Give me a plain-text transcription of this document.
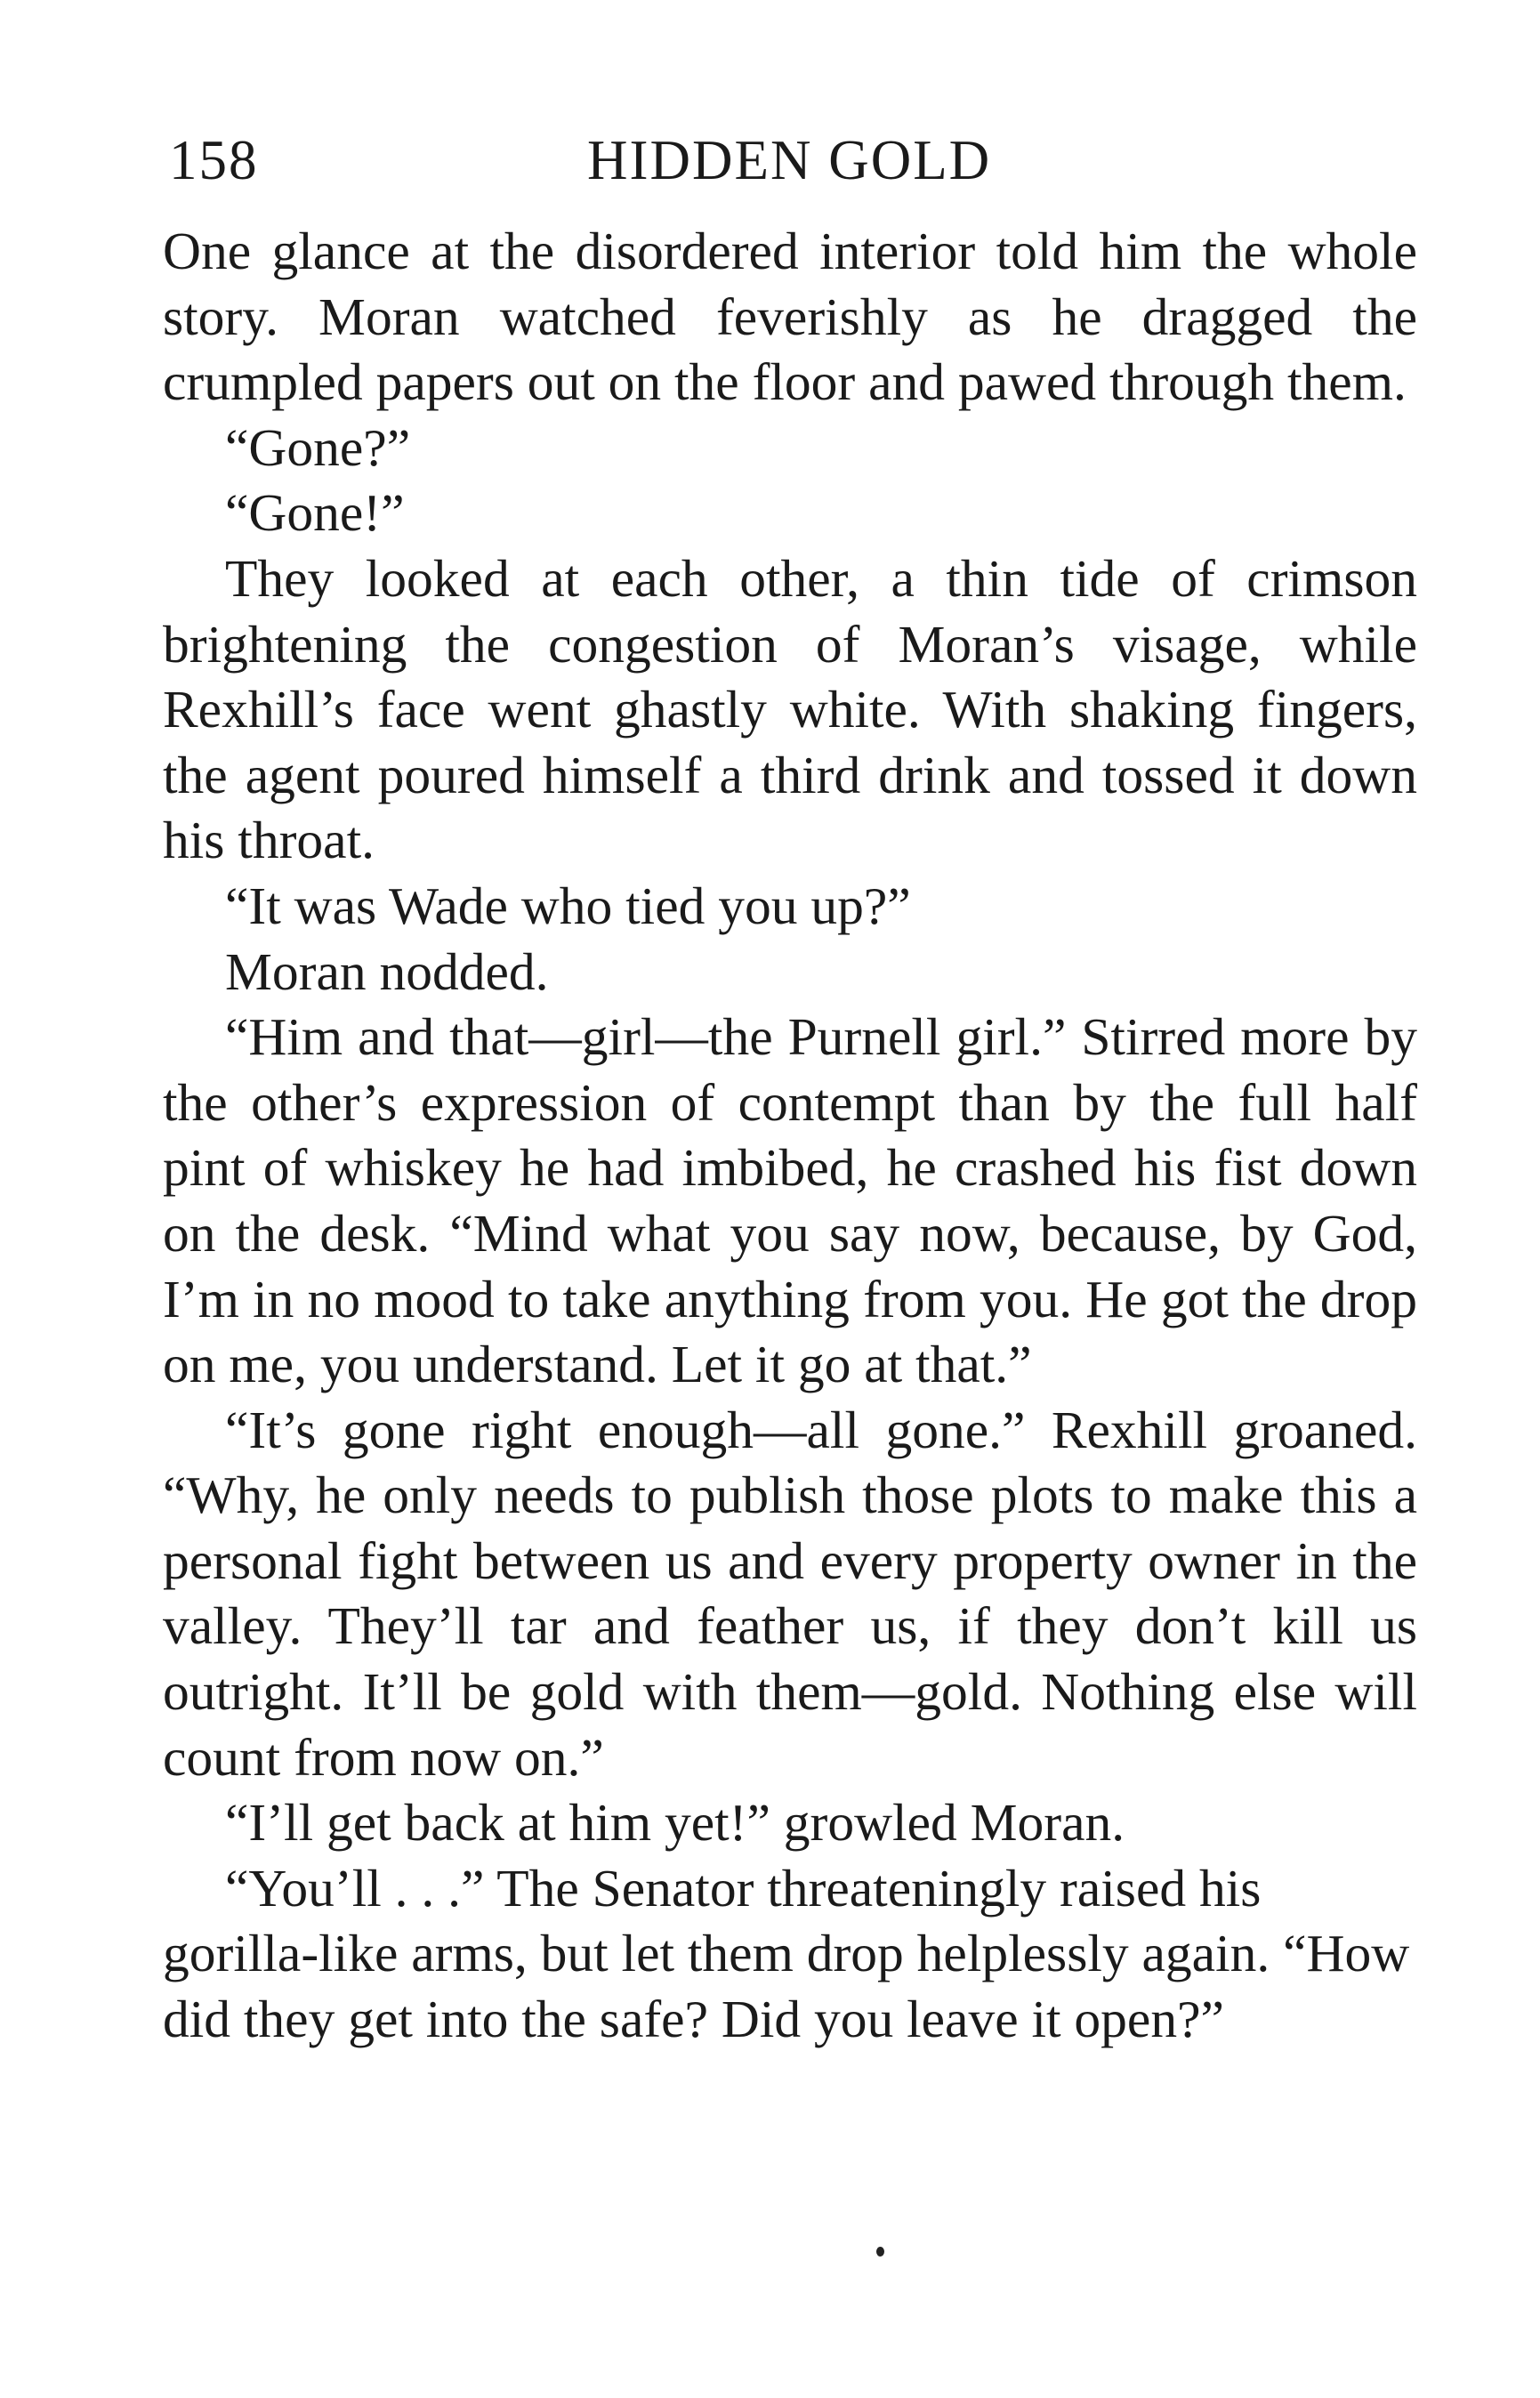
158	HIDDEN GOLD

One glance at the disordered interior told him the whole story. Moran watched feverishly as he dragged the crumpled papers out on the floor and pawed through them.

“Gone?”

“Gone!”

They looked at each other, a thin tide of crimson brightening the congestion of Moran’s visage, while Rexhill’s face went ghastly white. With shaking fingers, the agent poured himself a third drink and tossed it down his throat.

“It was Wade who tied you up?”

Moran nodded.

“Him and that—girl—the Purnell girl.” Stirred more by the other’s expression of contempt than by the full half pint of whiskey he had imbibed, he crashed his fist down on the desk. “Mind what you say now, because, by God, I’m in no mood to take anything from you. He got the drop on me, you understand. Let it go at that.”

“It’s gone right enough—all gone.” Rexhill groaned. “Why, he only needs to publish those plots to make this a personal fight between us and every property owner in the valley. They’ll tar and feather us, if they don’t kill us outright. It’ll be gold with them—gold. Nothing else will count from now on.”

“I’ll get back at him yet!” growled Moran.

“You’ll . . .” The Senator threateningly raised his gorilla-like arms, but let them drop helplessly again. “How did they get into the safe? Did you leave it open?”
